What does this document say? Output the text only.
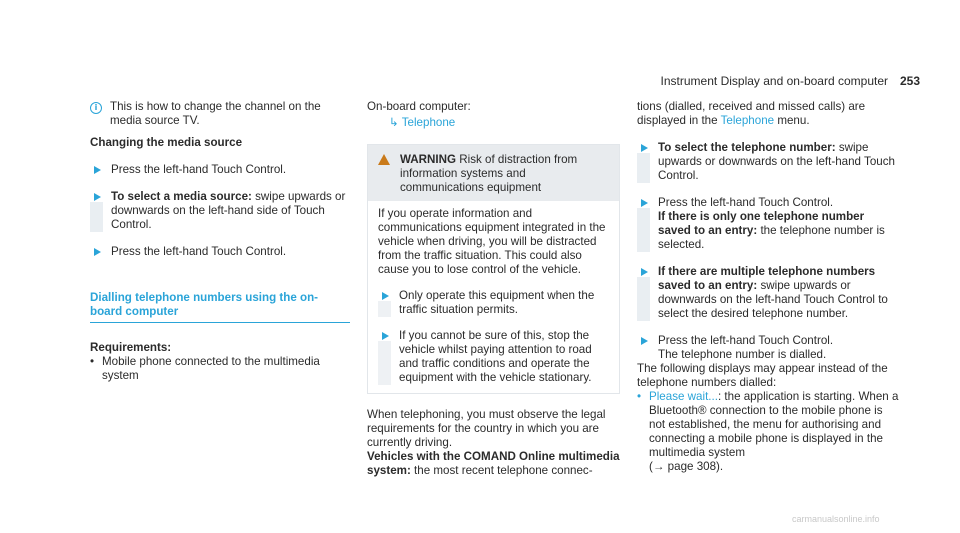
Instrument Display and on-board computer 253
i	This is how to change the channel on the media source TV.

Changing the media source

Press the left-hand Touch Control.
To select a media source: swipe upwards or downwards on the left-hand side of Touch Control.
Press the left-hand Touch Control.
Dialling telephone numbers using the on-
board computer

Requirements:

• Mobile phone connected to the multimedia system

On-board computer:

↳ Telephone

WARNING Risk of distraction from information systems and communications equipment

If you operate information and communications equipment integrated in the vehicle when driving, you will be distracted from the traffic situation. This could also cause you to lose control of the vehicle.

Only operate this equipment when the traffic situation permits.
If you cannot be sure of this, stop the vehicle whilst paying attention to road and traffic conditions and operate the equipment with the vehicle stationary.

When telephoning, you must observe the legal requirements for the country in which you are currently driving.

Vehicles with the COMAND Online multimedia system: the most recent telephone connec-

tions (dialled, received and missed calls) are displayed in the Telephone menu.

To select the telephone number: swipe upwards or downwards on the left-hand Touch Control.

Press the left-hand Touch Control.

If there is only one telephone number saved to an entry: the telephone number is selected.

If there are multiple telephone numbers saved to an entry: swipe upwards or downwards on the left-hand Touch Control to select the desired telephone number.

Press the left-hand Touch Control.

The telephone number is dialled.

The following displays may appear instead of the telephone numbers dialled:

• Please wait...: the application is starting. When a Bluetooth® connection to the mobile phone is not established, the menu for authorising and connecting a mobile phone is displayed in the multimedia system
(→ page 308).
carmanualsonline.info
